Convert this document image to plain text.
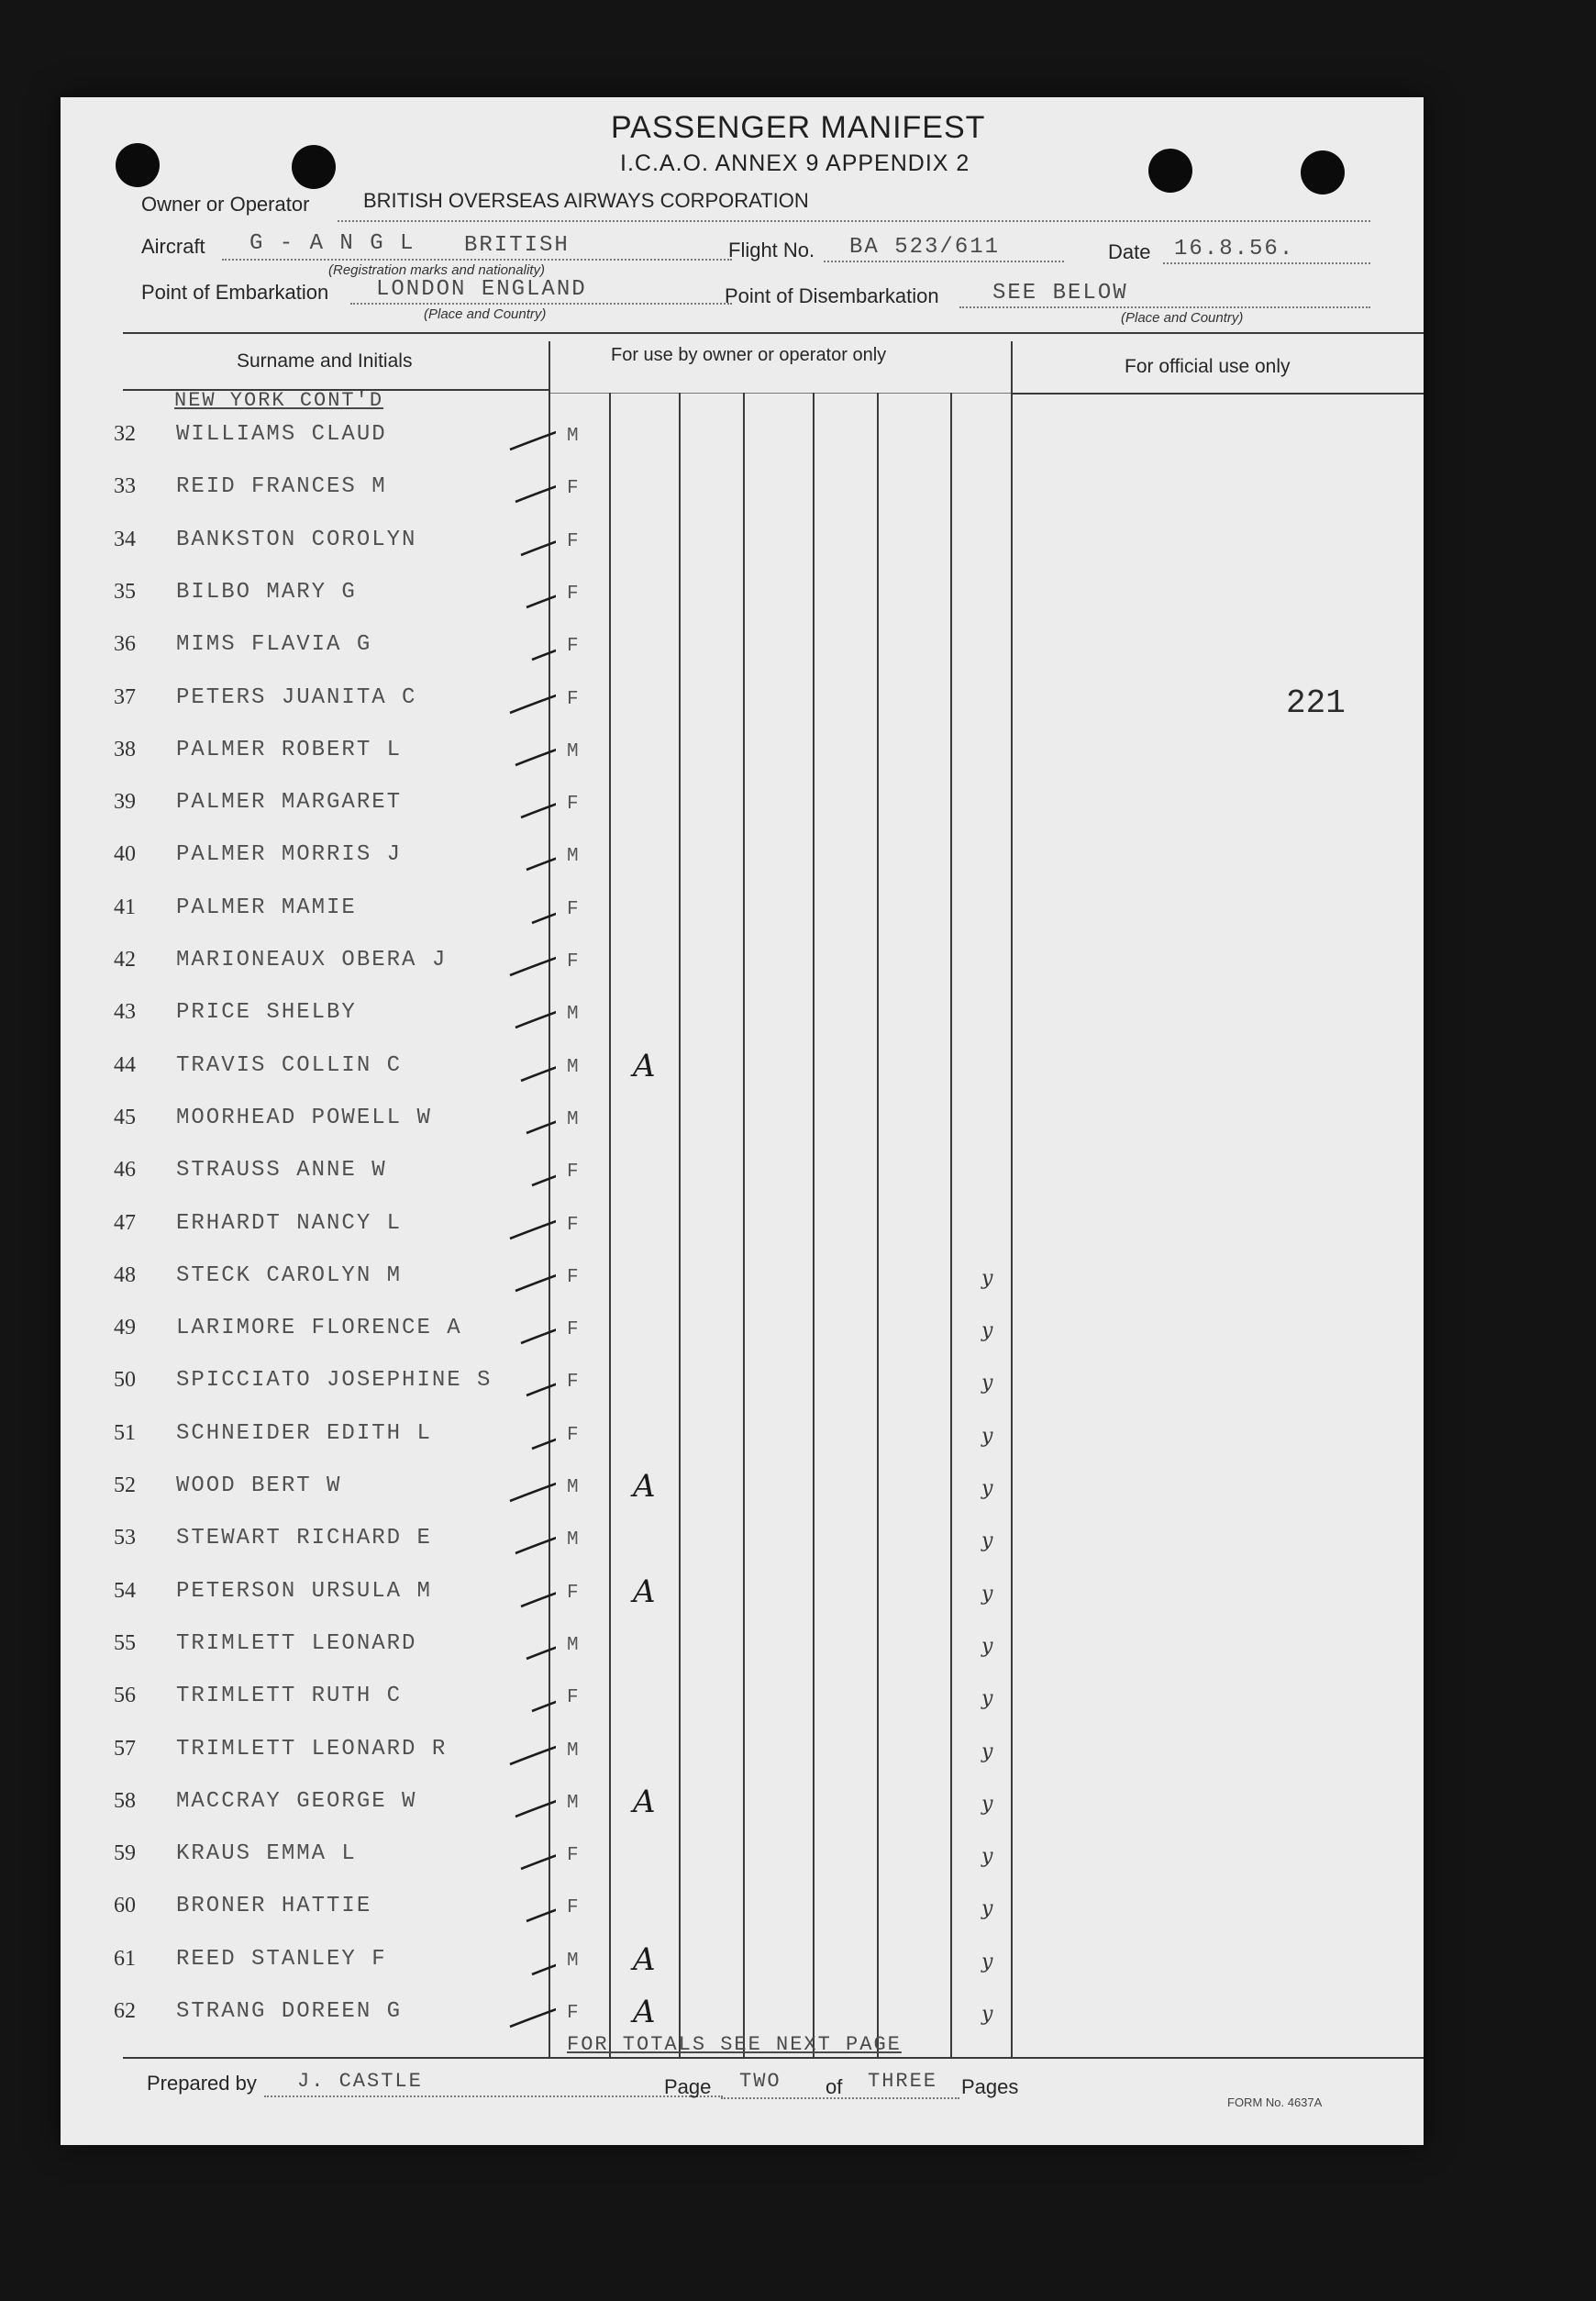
PASSENGER MANIFEST
I.C.A.O. ANNEX 9 APPENDIX 2
Owner or Operator	BRITISH OVERSEAS AIRWAYS CORPORATION
Aircraft G - A N G L BRITISH
(Registration marks and nationality)
Flight No. BA 523/611	Date 16.8.56.
Point of Embarkation LONDON ENGLAND
(Place and Country)
Point of Disembarkation SEE BELOW
(Place and Country)
Surname and Initials	For use by owner or operator only
For official use only
NEW YORK CONT'D
221
32 WILLIAMS CLAUD	M
33 REID FRANCES M	F
34 BANKSTON COROLYN	F
35 BILBO MARY G	F
36 MIMS FLAVIA G	F
37 PETERS JUANITA C	F
38 PALMER ROBERT L	M
39 PALMER MARGARET	F
40 PALMER MORRIS J	M
41 PALMER MAMIE	F
42 MARIONEAUX OBERA J	F
43 PRICE SHELBY	M
44 TRAVIS COLLIN C	M A
45 MOORHEAD POWELL W	M
46 STRAUSS ANNE W	F
47 ERHARDT NANCY L	F
48 STECK CAROLYN M	F	y
49 LARIMORE FLORENCE A	F	y
50 SPICCIATO JOSEPHINE S	F	y
51 SCHNEIDER EDITH L	F	y
52 WOOD BERT W	M A	y
53 STEWART RICHARD E	M	y
54 PETERSON URSULA M	F A	y
55 TRIMLETT LEONARD	M	y
56 TRIMLETT RUTH C	F	y
57 TRIMLETT LEONARD R	M	y
58 MACCRAY GEORGE W	M A	y
59 KRAUS EMMA L	F	y
60 BRONER HATTIE	F	y
61 REED STANLEY F	M A	y
62 STRANG DOREEN G	F A	y
FOR TOTALS SEE NEXT PAGE
Prepared by J. CASTLE	Page TWO of THREE Pages
FORM No. 4637A
